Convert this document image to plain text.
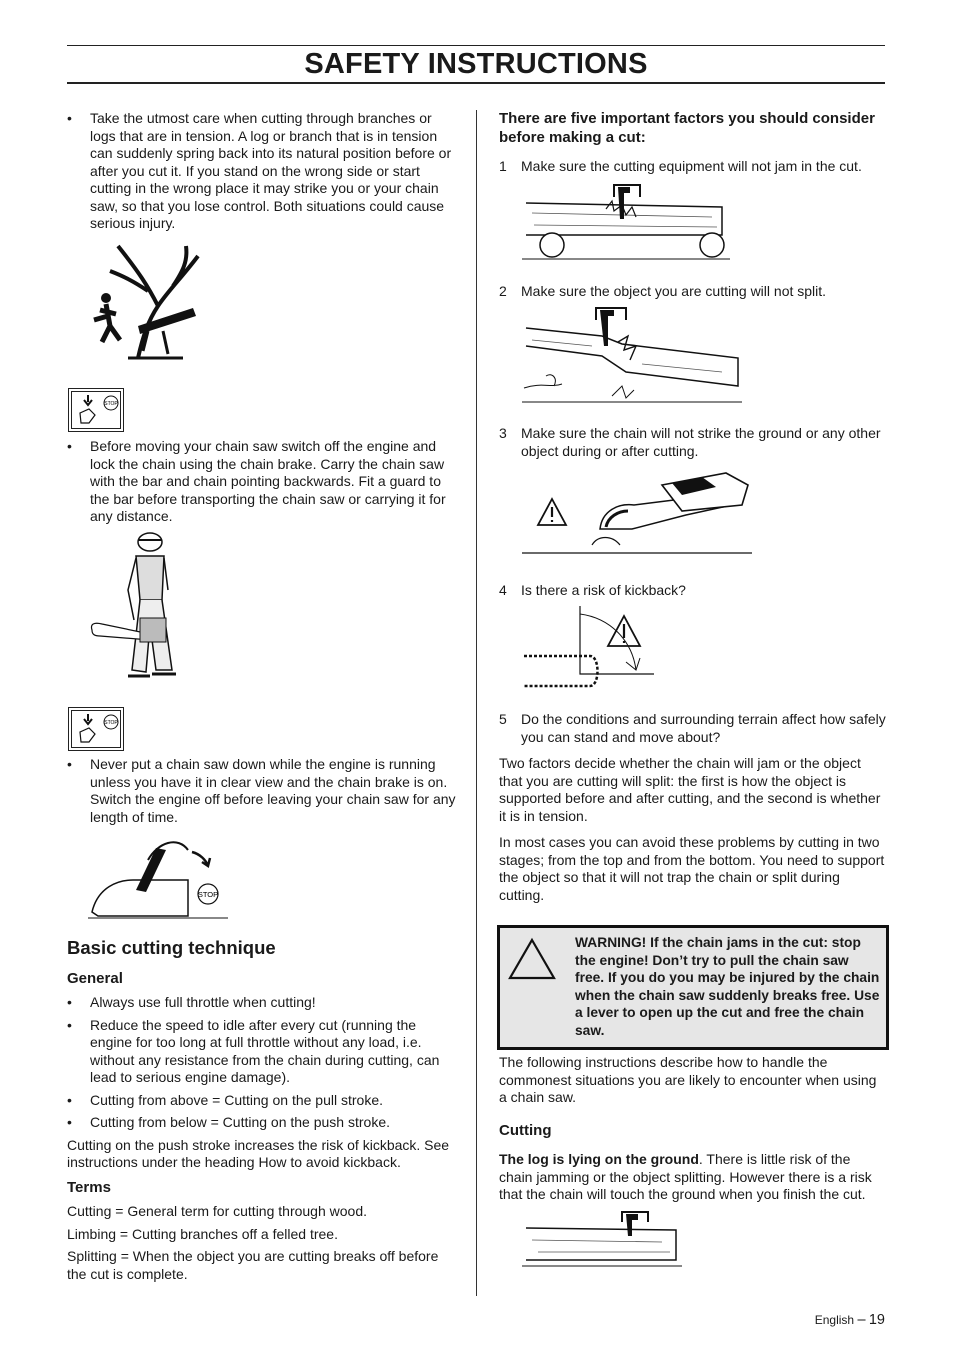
SAFETY INSTRUCTIONS

• Take the utmost care when cutting through branches or logs that are in tension. A log or branch that is in tension can suddenly spring back into its natural position before or after you cut it. If you stand on the wrong side or start cutting in the wrong place it may strike you or your chain saw, so that you lose control. Both situations could cause serious injury.

STOP

• Before moving your chain saw switch off the engine and lock the chain using the chain brake. Carry the chain saw with the bar and chain pointing backwards. Fit a guard to the bar before transporting the chain saw or carrying it for any distance.

STOP

• Never put a chain saw down while the engine is running unless you have it in clear view and the chain brake is on. Switch the engine off before leaving your chain saw for any length of time.

STOP
Basic cutting technique
General

• Always use full throttle when cutting!

• Reduce the speed to idle after every cut (running the engine for too long at full throttle without any load, i.e. without any resistance from the chain during cutting, can lead to serious engine damage).

• Cutting from above = Cutting on the pull stroke.

• Cutting from below = Cutting on the push stroke.

Cutting on the push stroke increases the risk of kickback. See instructions under the heading How to avoid kickback.

Terms

Cutting = General term for cutting through wood.

Limbing = Cutting branches off a felled tree.

Splitting = When the object you are cutting breaks off before the cut is complete.

There are five important factors you should consider before making a cut:
1 Make sure the cutting equipment will not jam in the cut.
2 Make sure the object you are cutting will not split.
3 Make sure the chain will not strike the ground or any other object during or after cutting.
4 Is there a risk of kickback?
5 Do the conditions and surrounding terrain affect how safely you can stand and move about?
Two factors decide whether the chain will jam or the object that you are cutting will split: the first is how the object is supported before and after cutting, and the second is whether it is in tension.
In most cases you can avoid these problems by cutting in two stages; from the top and from the bottom. You need to support the object so that it will not trap the chain or split during cutting.
WARNING! If the chain jams in the cut: stop the engine! Don’t try to pull the chain saw free. If you do you may be injured by the chain when the chain saw suddenly breaks free. Use a lever to open up the cut and free the chain saw.
The following instructions describe how to handle the commonest situations you are likely to encounter when using a chain saw.
Cutting
The log is lying on the ground. There is little risk of the chain jamming or the object splitting. However there is a risk that the chain will touch the ground when you finish the cut.
English – 19
